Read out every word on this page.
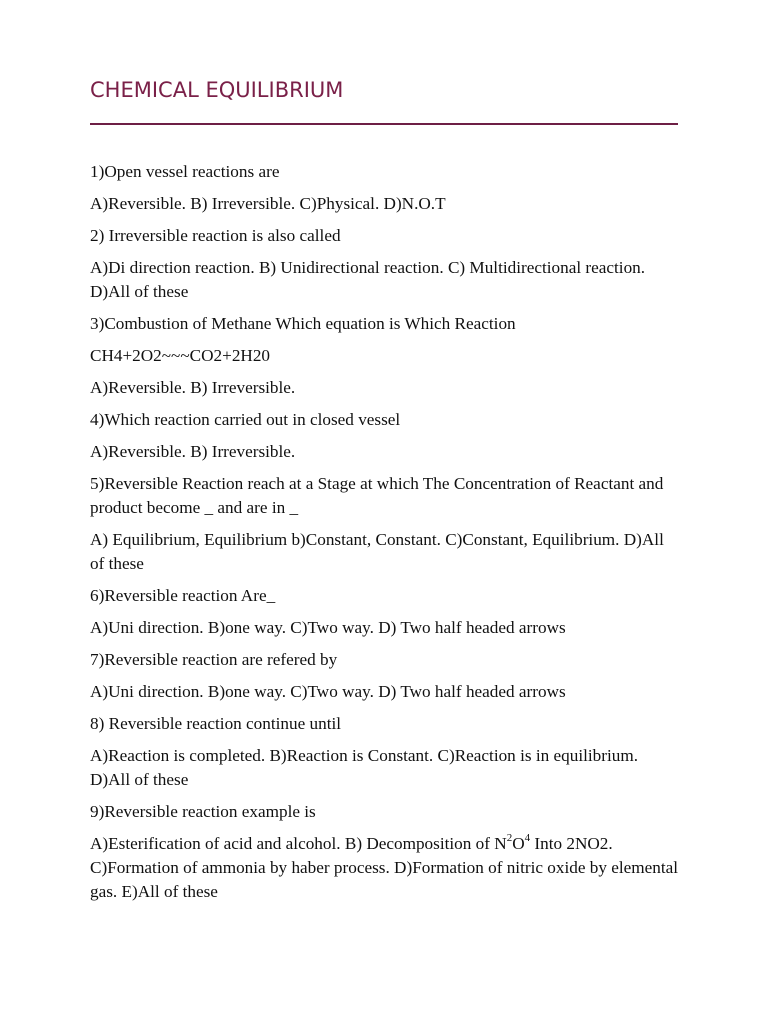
CHEMICAL EQUILIBRIUM

1)Open vessel reactions are

A)Reversible. B) Irreversible. C)Physical. D)N.O.T

2) Irreversible reaction is also called

A)Di direction reaction. B) Unidirectional reaction. C) Multidirectional reaction. D)All of these

3)Combustion of Methane Which equation is Which Reaction

CH4+2O2~~~CO2+2H20

A)Reversible. B) Irreversible.

4)Which reaction carried out in closed vessel

A)Reversible. B) Irreversible.

5)Reversible Reaction reach at a Stage at which The Concentration of Reactant and product become _ and are in _

A) Equilibrium, Equilibrium b)Constant, Constant. C)Constant, Equilibrium. D)All of these

6)Reversible reaction Are_

A)Uni direction. B)one way. C)Two way. D) Two half headed arrows

7)Reversible reaction are refered by

A)Uni direction. B)one way. C)Two way. D) Two half headed arrows

8) Reversible reaction continue until

A)Reaction is completed. B)Reaction is Constant. C)Reaction is in equilibrium. D)All of these

9)Reversible reaction example is

A)Esterification of acid and alcohol. B) Decomposition of $N^2O^4$ Into 2NO2. C)Formation of ammonia by haber process. D)Formation of nitric oxide by elemental gas. E)All of these
